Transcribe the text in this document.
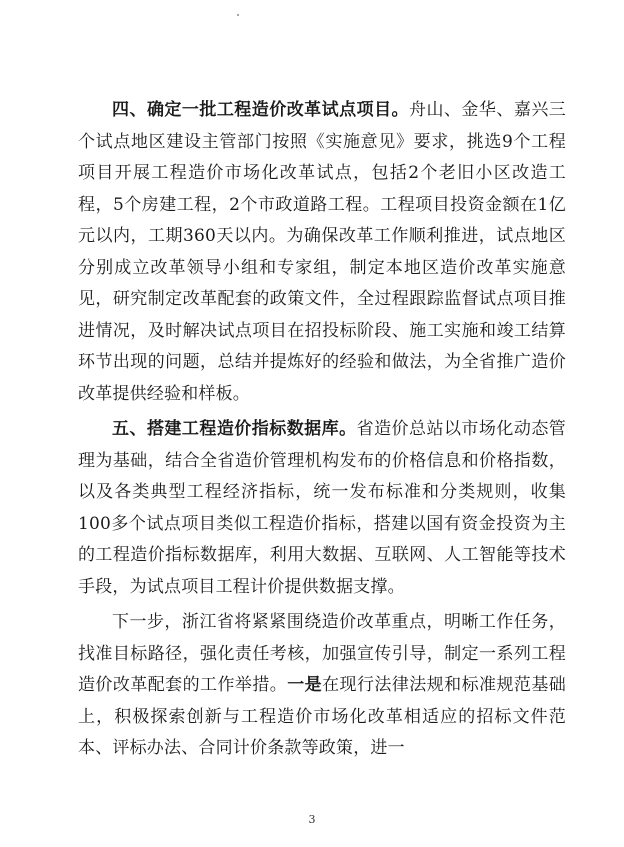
四、确定一批工程造价改革试点项目。舟山、金华、嘉兴三个试点地区建设主管部门按照《实施意见》要求，挑选9个工程项目开展工程造价市场化改革试点，包括2个老旧小区改造工程，5个房建工程，2个市政道路工程。工程项目投资金额在1亿元以内，工期360天以内。为确保改革工作顺利推进，试点地区分别成立改革领导小组和专家组，制定本地区造价改革实施意见，研究制定改革配套的政策文件，全过程跟踪监督试点项目推进情况，及时解决试点项目在招投标阶段、施工实施和竣工结算环节出现的问题，总结并提炼好的经验和做法，为全省推广造价改革提供经验和样板。

五、搭建工程造价指标数据库。省造价总站以市场化动态管理为基础，结合全省造价管理机构发布的价格信息和价格指数，以及各类典型工程经济指标，统一发布标准和分类规则，收集100多个试点项目类似工程造价指标，搭建以国有资金投资为主的工程造价指标数据库，利用大数据、互联网、人工智能等技术手段，为试点项目工程计价提供数据支撑。

下一步，浙江省将紧紧围绕造价改革重点，明晰工作任务，找准目标路径，强化责任考核，加强宣传引导，制定一系列工程造价改革配套的工作举措。一是在现行法律法规和标准规范基础上，积极探索创新与工程造价市场化改革相适应的招标文件范本、评标办法、合同计价条款等政策，进一

3
